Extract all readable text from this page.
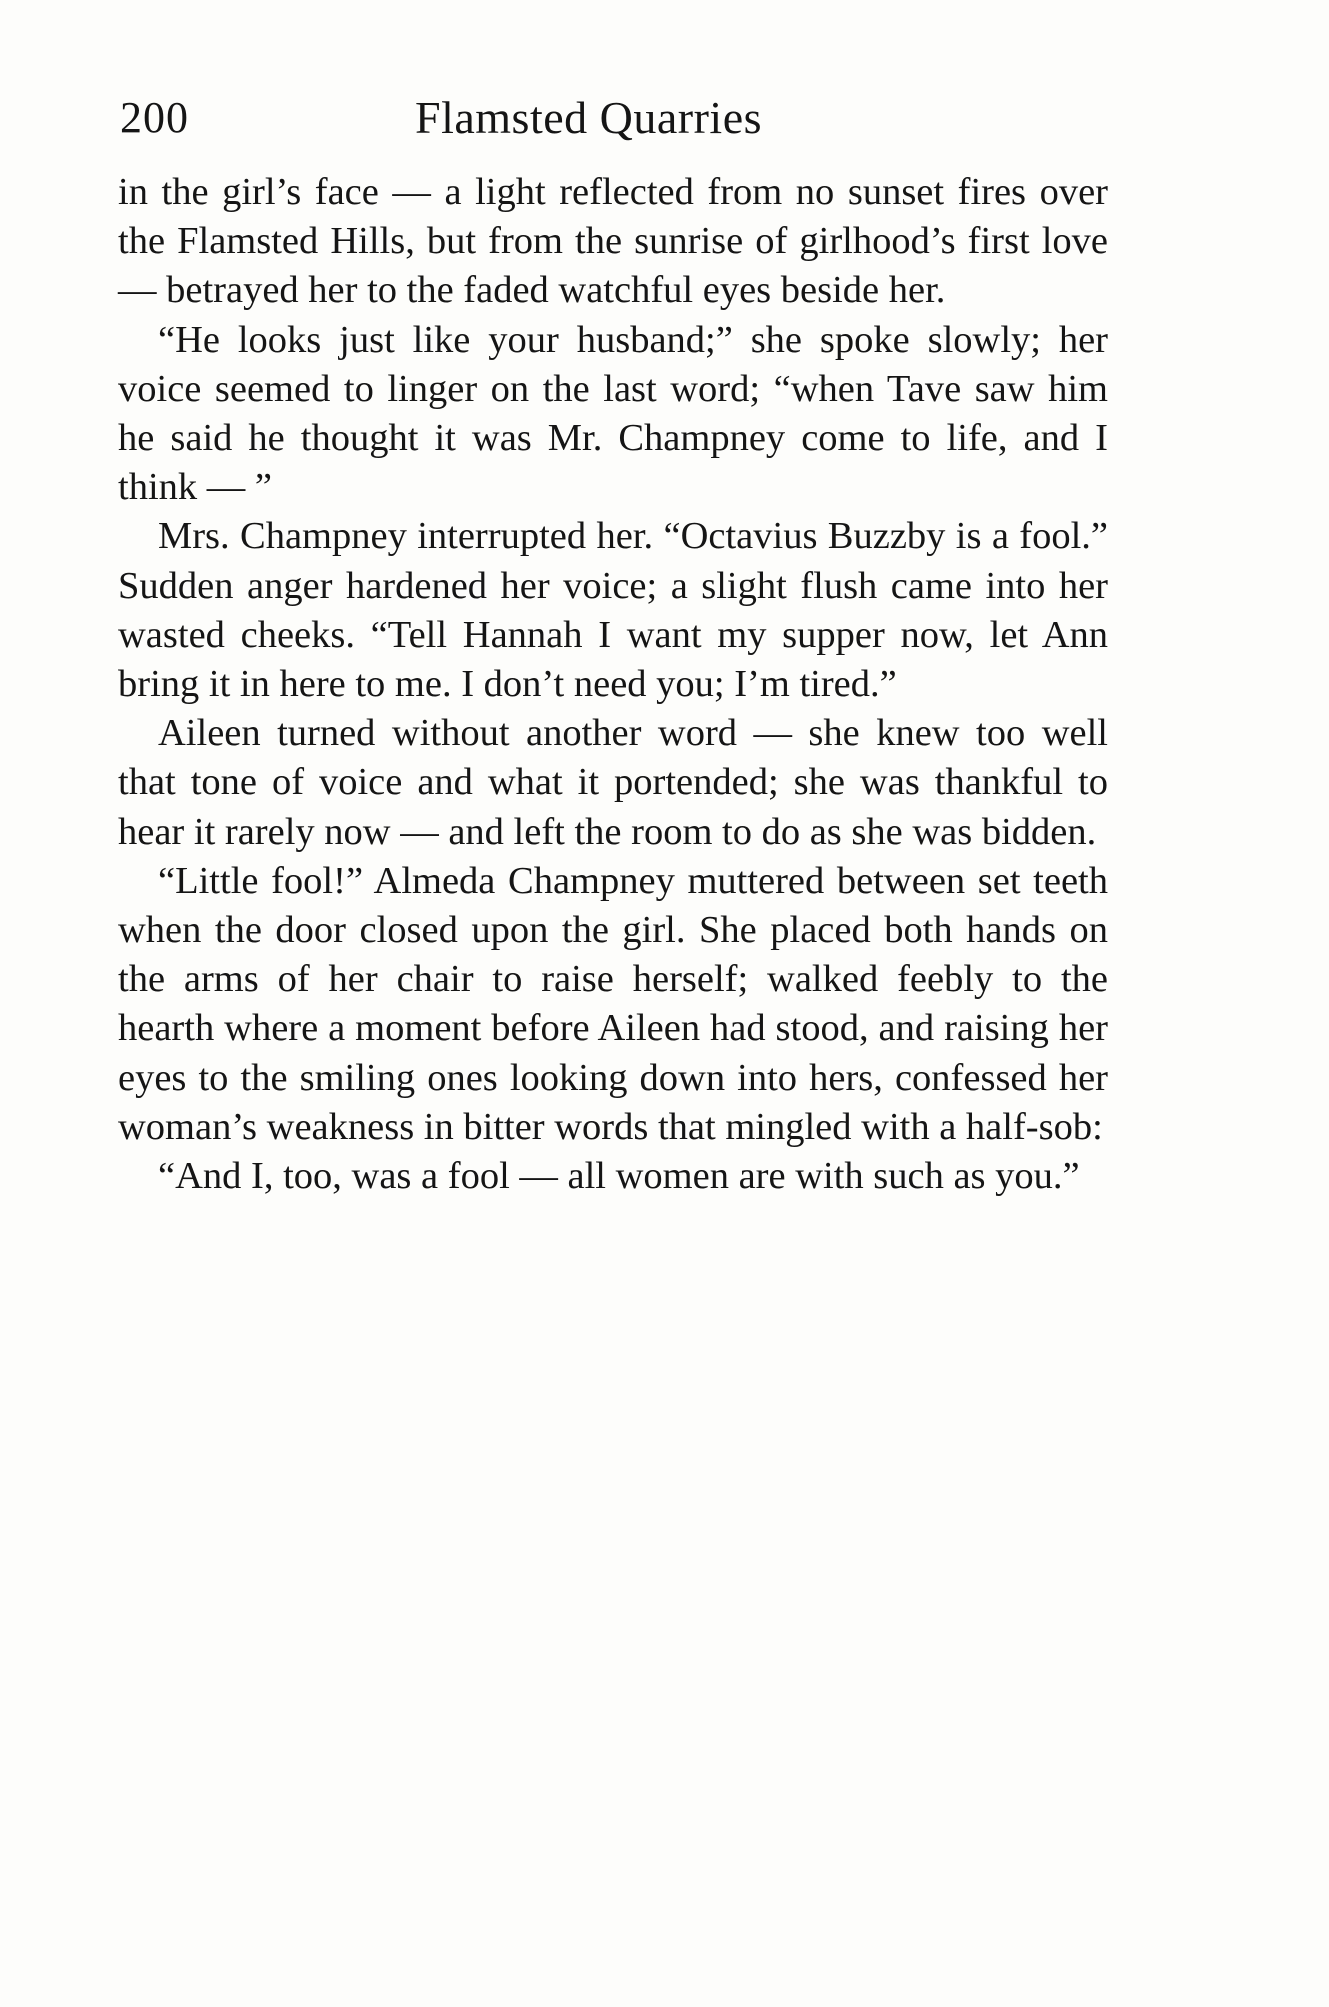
200	Flamsted Quarries

in the girl’s face — a light reflected from no sunset fires over the Flamsted Hills, but from the sunrise of girlhood’s first love — betrayed her to the faded watchful eyes beside her.

“He looks just like your husband;” she spoke slowly; her voice seemed to linger on the last word; “when Tave saw him he said he thought it was Mr. Champney come to life, and I think — ”

Mrs. Champney interrupted her. “Octavius Buzzby is a fool.” Sudden anger hardened her voice; a slight flush came into her wasted cheeks. “Tell Hannah I want my supper now, let Ann bring it in here to me. I don’t need you; I’m tired.”

Aileen turned without another word — she knew too well that tone of voice and what it portended; she was thankful to hear it rarely now — and left the room to do as she was bidden.

“Little fool!” Almeda Champney muttered between set teeth when the door closed upon the girl. She placed both hands on the arms of her chair to raise herself; walked feebly to the hearth where a moment before Aileen had stood, and raising her eyes to the smiling ones looking down into hers, confessed her woman’s weakness in bitter words that mingled with a half-sob:

“And I, too, was a fool — all women are with such as you.”
